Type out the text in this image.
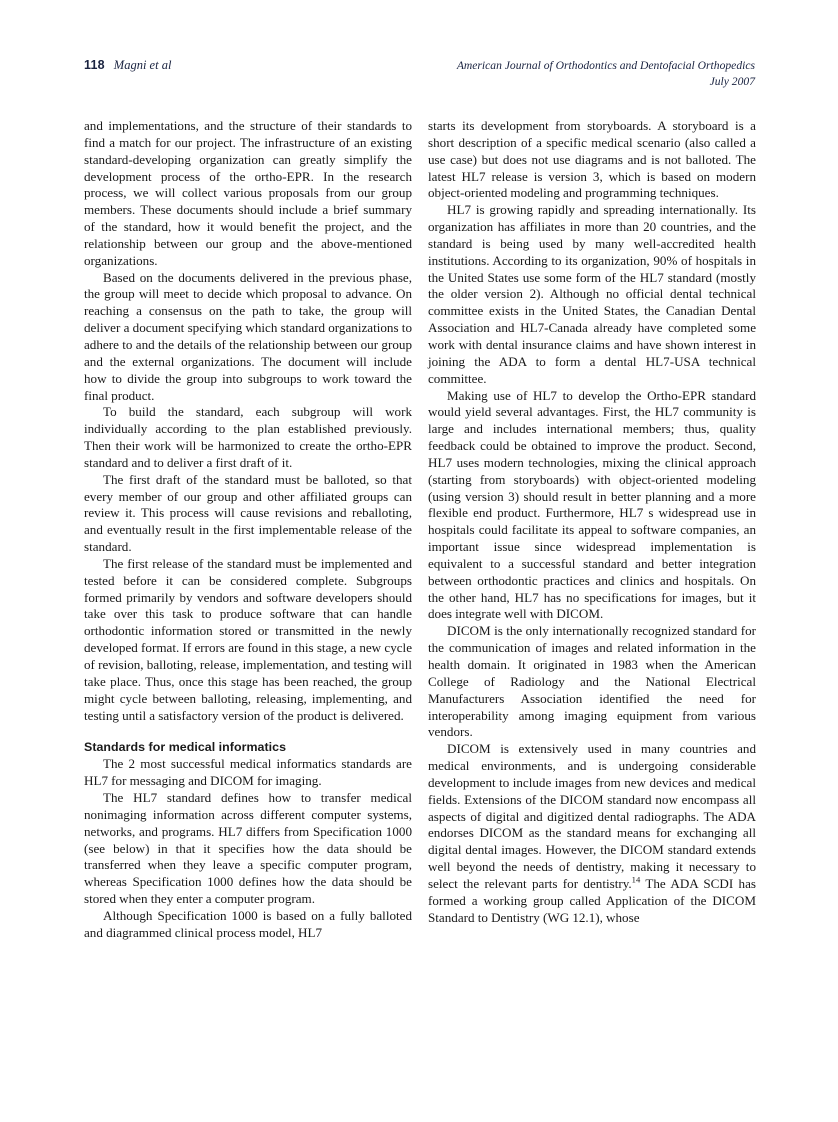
118 Magni et al	American Journal of Orthodontics and Dentofacial Orthopedics
July 2007

and implementations, and the structure of their standards to find a match for our project. The infrastructure of an existing standard-developing organization can greatly simplify the development process of the ortho-EPR. In the research process, we will collect various proposals from our group members. These documents should include a brief summary of the standard, how it would benefit the project, and the relationship between our group and the above-mentioned organizations.

Based on the documents delivered in the previous phase, the group will meet to decide which proposal to advance. On reaching a consensus on the path to take, the group will deliver a document specifying which standard organizations to adhere to and the details of the relationship between our group and the external organizations. The document will include how to divide the group into subgroups to work toward the final product.

To build the standard, each subgroup will work individually according to the plan established previously. Then their work will be harmonized to create the ortho-EPR standard and to deliver a first draft of it.

The first draft of the standard must be balloted, so that every member of our group and other affiliated groups can review it. This process will cause revisions and reballoting, and eventually result in the first implementable release of the standard.

The first release of the standard must be implemented and tested before it can be considered complete. Subgroups formed primarily by vendors and software developers should take over this task to produce software that can handle orthodontic information stored or transmitted in the newly developed format. If errors are found in this stage, a new cycle of revision, balloting, release, implementation, and testing will take place. Thus, once this stage has been reached, the group might cycle between balloting, releasing, implementing, and testing until a satisfactory version of the product is delivered.

Standards for medical informatics

The 2 most successful medical informatics standards are HL7 for messaging and DICOM for imaging.

The HL7 standard defines how to transfer medical nonimaging information across different computer systems, networks, and programs. HL7 differs from Specification 1000 (see below) in that it specifies how the data should be transferred when they leave a specific computer program, whereas Specification 1000 defines how the data should be stored when they enter a computer program.

Although Specification 1000 is based on a fully balloted and diagrammed clinical process model, HL7

starts its development from storyboards. A storyboard is a short description of a specific medical scenario (also called a use case) but does not use diagrams and is not balloted. The latest HL7 release is version 3, which is based on modern object-oriented modeling and programming techniques.

HL7 is growing rapidly and spreading internationally. Its organization has affiliates in more than 20 countries, and the standard is being used by many well-accredited health institutions. According to its organization, 90% of hospitals in the United States use some form of the HL7 standard (mostly the older version 2). Although no official dental technical committee exists in the United States, the Canadian Dental Association and HL7-Canada already have completed some work with dental insurance claims and have shown interest in joining the ADA to form a dental HL7-USA technical committee.

Making use of HL7 to develop the Ortho-EPR standard would yield several advantages. First, the HL7 community is large and includes international members; thus, quality feedback could be obtained to improve the product. Second, HL7 uses modern technologies, mixing the clinical approach (starting from storyboards) with object-oriented modeling (using version 3) should result in better planning and a more flexible end product. Furthermore, HL7 s widespread use in hospitals could facilitate its appeal to software companies, an important issue since widespread implementation is equivalent to a successful standard and better integration between orthodontic practices and clinics and hospitals. On the other hand, HL7 has no specifications for images, but it does integrate well with DICOM.

DICOM is the only internationally recognized standard for the communication of images and related information in the health domain. It originated in 1983 when the American College of Radiology and the National Electrical Manufacturers Association identified the need for interoperability among imaging equipment from various vendors.

DICOM is extensively used in many countries and medical environments, and is undergoing considerable development to include images from new devices and medical fields. Extensions of the DICOM standard now encompass all aspects of digital and digitized dental radiographs. The ADA endorses DICOM as the standard means for exchanging all digital dental images. However, the DICOM standard extends well beyond the needs of dentistry, making it necessary to select the relevant parts for dentistry.$^{14}$ The ADA SCDI has formed a working group called Application of the DICOM Standard to Dentistry (WG 12.1), whose
